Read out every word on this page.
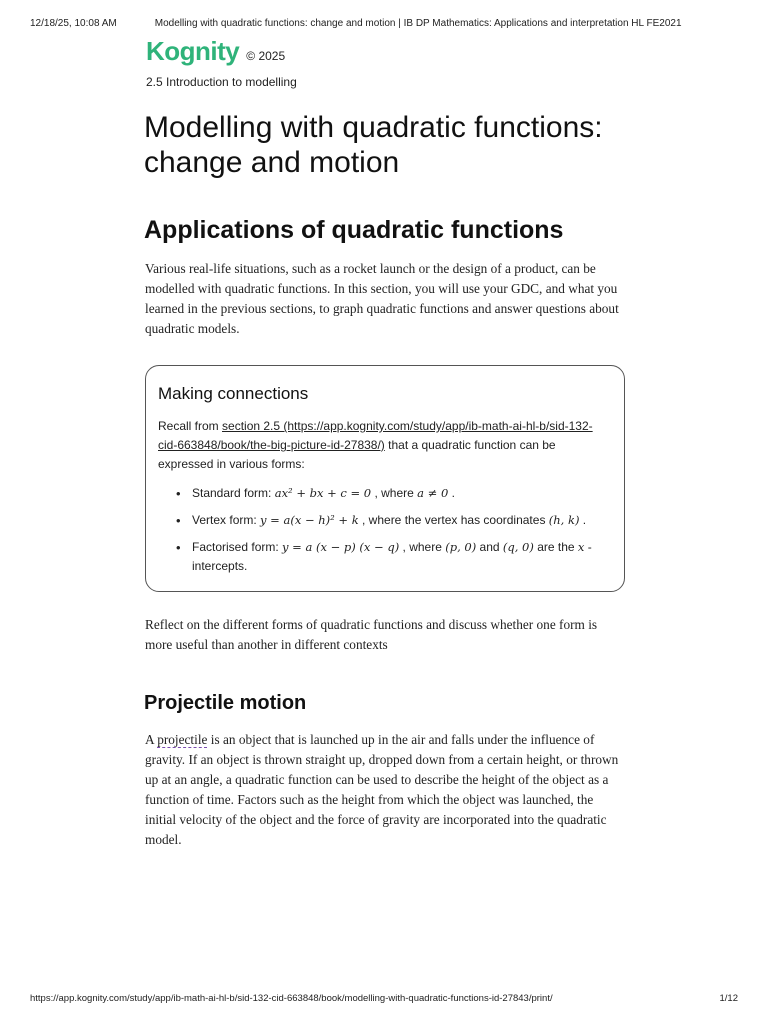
12/18/25, 10:08 AM	Modelling with quadratic functions: change and motion | IB DP Mathematics: Applications and interpretation HL FE2021
Kognity © 2025
2.5 Introduction to modelling
Modelling with quadratic functions: change and motion
Applications of quadratic functions

Various real-life situations, such as a rocket launch or the design of a product, can be modelled with quadratic functions. In this section, you will use your GDC, and what you learned in the previous sections, to graph quadratic functions and answer questions about quadratic models.

Making connections
Recall from section 2.5 (https://app.kognity.com/study/app/ib-math-ai-hl-b/sid-132-cid-663848/book/the-big-picture-id-27838/) that a quadratic function can be expressed in various forms:
• Standard form: ax² + bx + c = 0 , where a ≠ 0 .
• Vertex form: y = a(x − h)² + k , where the vertex has coordinates (h, k) .
• Factorised form: y = a (x − p) (x − q) , where (p, 0) and (q, 0) are the x -intercepts.

Reflect on the different forms of quadratic functions and discuss whether one form is more useful than another in different contexts

Projectile motion

A projectile is an object that is launched up in the air and falls under the influence of gravity. If an object is thrown straight up, dropped down from a certain height, or thrown up at an angle, a quadratic function can be used to describe the height of the object as a function of time. Factors such as the height from which the object was launched, the initial velocity of the object and the force of gravity are incorporated into the quadratic model.

https://app.kognity.com/study/app/ib-math-ai-hl-b/sid-132-cid-663848/book/modelling-with-quadratic-functions-id-27843/print/	1/12
